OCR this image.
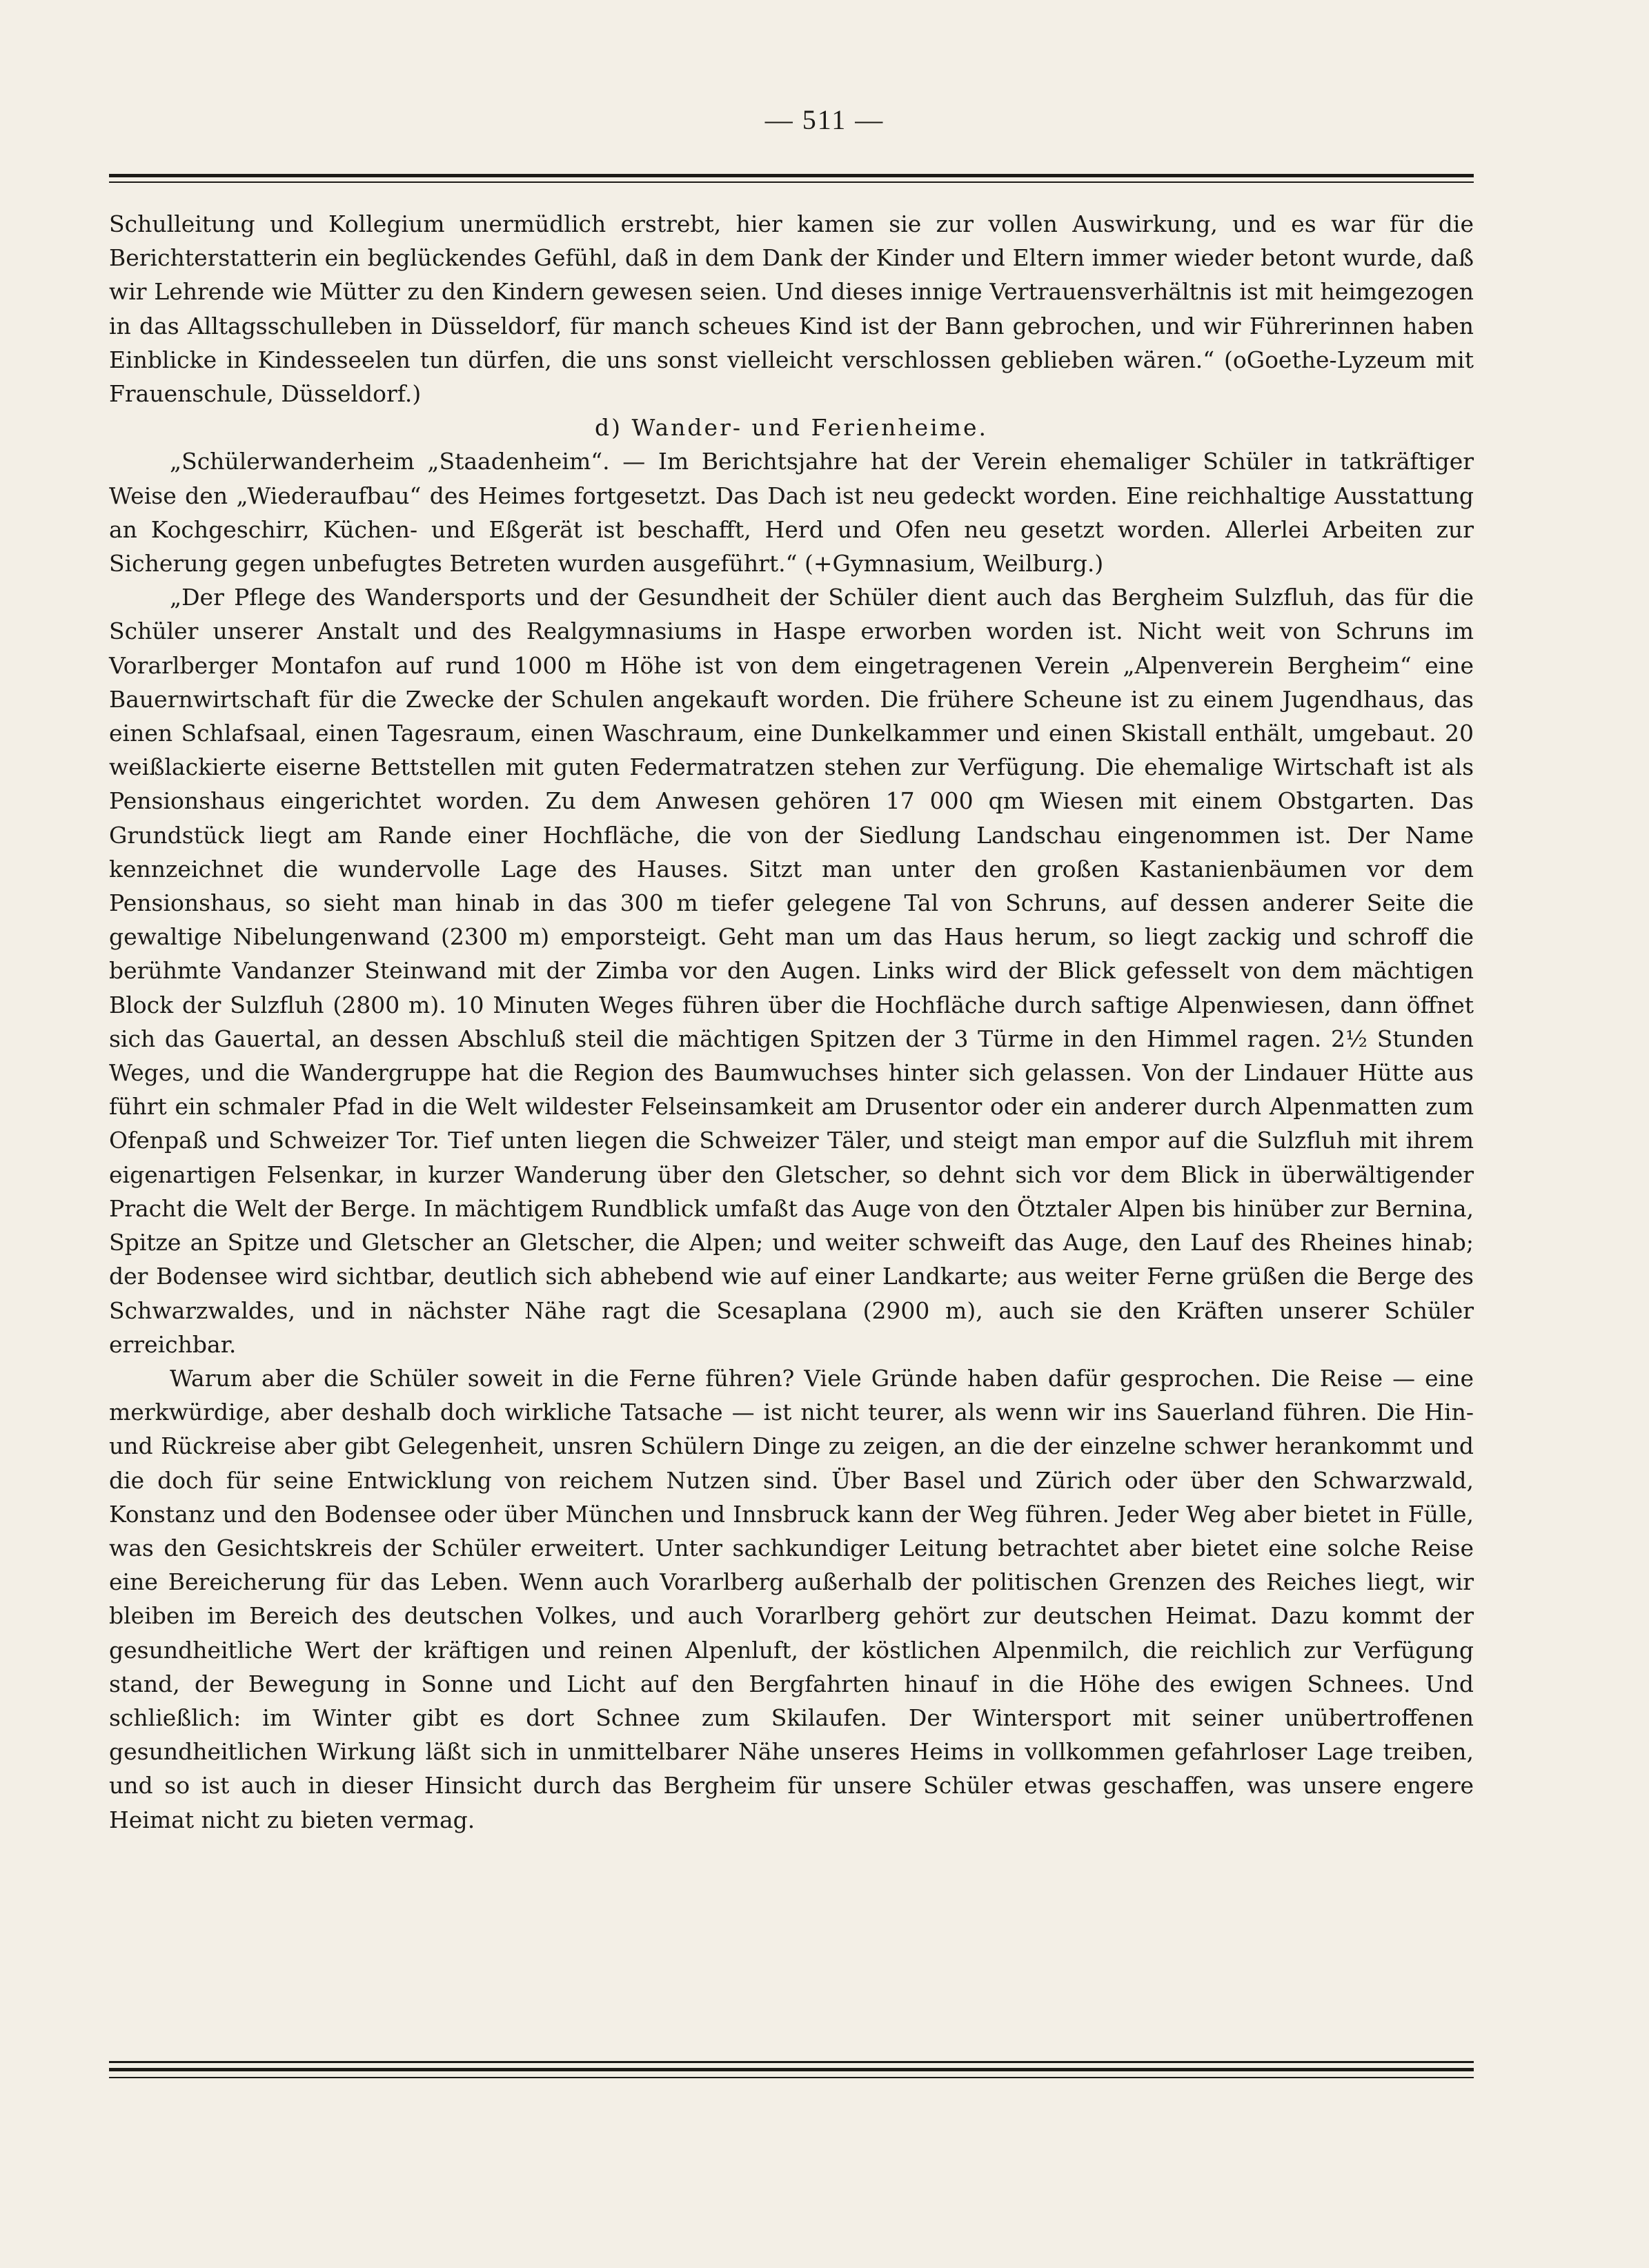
— 511 —

Schulleitung und Kollegium unermüdlich erstrebt, hier kamen sie zur vollen Auswirkung, und es war für die Berichterstatterin ein beglückendes Gefühl, daß in dem Dank der Kinder und Eltern immer wieder betont wurde, daß wir Lehrende wie Mütter zu den Kindern gewesen seien. Und dieses innige Vertrauensverhältnis ist mit heimgezogen in das Alltagsschulleben in Düsseldorf, für manch scheues Kind ist der Bann gebrochen, und wir Führerinnen haben Einblicke in Kindesseelen tun dürfen, die uns sonst vielleicht verschlossen geblieben wären.“ (oGoethe-Lyzeum mit Frauenschule, Düsseldorf.)

d) Wander- und Ferienheime.

„Schülerwanderheim „Staadenheim“. — Im Berichtsjahre hat der Verein ehemaliger Schüler in tatkräftiger Weise den „Wiederaufbau“ des Heimes fortgesetzt. Das Dach ist neu gedeckt worden. Eine reichhaltige Ausstattung an Kochgeschirr, Küchen- und Eßgerät ist beschafft, Herd und Ofen neu gesetzt worden. Allerlei Arbeiten zur Sicherung gegen unbefugtes Betreten wurden ausgeführt.“ (+Gymnasium, Weilburg.)

„Der Pflege des Wandersports und der Gesundheit der Schüler dient auch das Bergheim Sulzfluh, das für die Schüler unserer Anstalt und des Realgymnasiums in Haspe erworben worden ist. Nicht weit von Schruns im Vorarlberger Montafon auf rund 1000 m Höhe ist von dem eingetragenen Verein „Alpenverein Bergheim“ eine Bauernwirtschaft für die Zwecke der Schulen angekauft worden. Die frühere Scheune ist zu einem Jugendhaus, das einen Schlafsaal, einen Tagesraum, einen Waschraum, eine Dunkelkammer und einen Skistall enthält, umgebaut. 20 weißlackierte eiserne Bettstellen mit guten Federmatratzen stehen zur Verfügung. Die ehemalige Wirtschaft ist als Pensionshaus eingerichtet worden. Zu dem Anwesen gehören 17 000 qm Wiesen mit einem Obstgarten. Das Grundstück liegt am Rande einer Hochfläche, die von der Siedlung Landschau eingenommen ist. Der Name kennzeichnet die wundervolle Lage des Hauses. Sitzt man unter den großen Kastanienbäumen vor dem Pensionshaus, so sieht man hinab in das 300 m tiefer gelegene Tal von Schruns, auf dessen anderer Seite die gewaltige Nibelungenwand (2300 m) emporsteigt. Geht man um das Haus herum, so liegt zackig und schroff die berühmte Vandanzer Steinwand mit der Zimba vor den Augen. Links wird der Blick gefesselt von dem mächtigen Block der Sulzfluh (2800 m). 10 Minuten Weges führen über die Hochfläche durch saftige Alpenwiesen, dann öffnet sich das Gauertal, an dessen Abschluß steil die mächtigen Spitzen der 3 Türme in den Himmel ragen. 2½ Stunden Weges, und die Wandergruppe hat die Region des Baumwuchses hinter sich gelassen. Von der Lindauer Hütte aus führt ein schmaler Pfad in die Welt wildester Felseinsamkeit am Drusentor oder ein anderer durch Alpenmatten zum Ofenpaß und Schweizer Tor. Tief unten liegen die Schweizer Täler, und steigt man empor auf die Sulzfluh mit ihrem eigenartigen Felsenkar, in kurzer Wanderung über den Gletscher, so dehnt sich vor dem Blick in überwältigender Pracht die Welt der Berge. In mächtigem Rundblick umfaßt das Auge von den Ötztaler Alpen bis hinüber zur Bernina, Spitze an Spitze und Gletscher an Gletscher, die Alpen; und weiter schweift das Auge, den Lauf des Rheines hinab; der Bodensee wird sichtbar, deutlich sich abhebend wie auf einer Landkarte; aus weiter Ferne grüßen die Berge des Schwarzwaldes, und in nächster Nähe ragt die Scesaplana (2900 m), auch sie den Kräften unserer Schüler erreichbar.

Warum aber die Schüler soweit in die Ferne führen? Viele Gründe haben dafür gesprochen. Die Reise — eine merkwürdige, aber deshalb doch wirkliche Tatsache — ist nicht teurer, als wenn wir ins Sauerland führen. Die Hin- und Rückreise aber gibt Gelegenheit, unsren Schülern Dinge zu zeigen, an die der einzelne schwer herankommt und die doch für seine Entwicklung von reichem Nutzen sind. Über Basel und Zürich oder über den Schwarzwald, Konstanz und den Bodensee oder über München und Innsbruck kann der Weg führen. Jeder Weg aber bietet in Fülle, was den Gesichtskreis der Schüler erweitert. Unter sachkundiger Leitung betrachtet aber bietet eine solche Reise eine Bereicherung für das Leben. Wenn auch Vorarlberg außerhalb der politischen Grenzen des Reiches liegt, wir bleiben im Bereich des deutschen Volkes, und auch Vorarlberg gehört zur deutschen Heimat. Dazu kommt der gesundheitliche Wert der kräftigen und reinen Alpenluft, der köstlichen Alpenmilch, die reichlich zur Verfügung stand, der Bewegung in Sonne und Licht auf den Bergfahrten hinauf in die Höhe des ewigen Schnees. Und schließlich: im Winter gibt es dort Schnee zum Skilaufen. Der Wintersport mit seiner unübertroffenen gesundheitlichen Wirkung läßt sich in unmittelbarer Nähe unseres Heims in vollkommen gefahrloser Lage treiben, und so ist auch in dieser Hinsicht durch das Bergheim für unsere Schüler etwas geschaffen, was unsere engere Heimat nicht zu bieten vermag.
